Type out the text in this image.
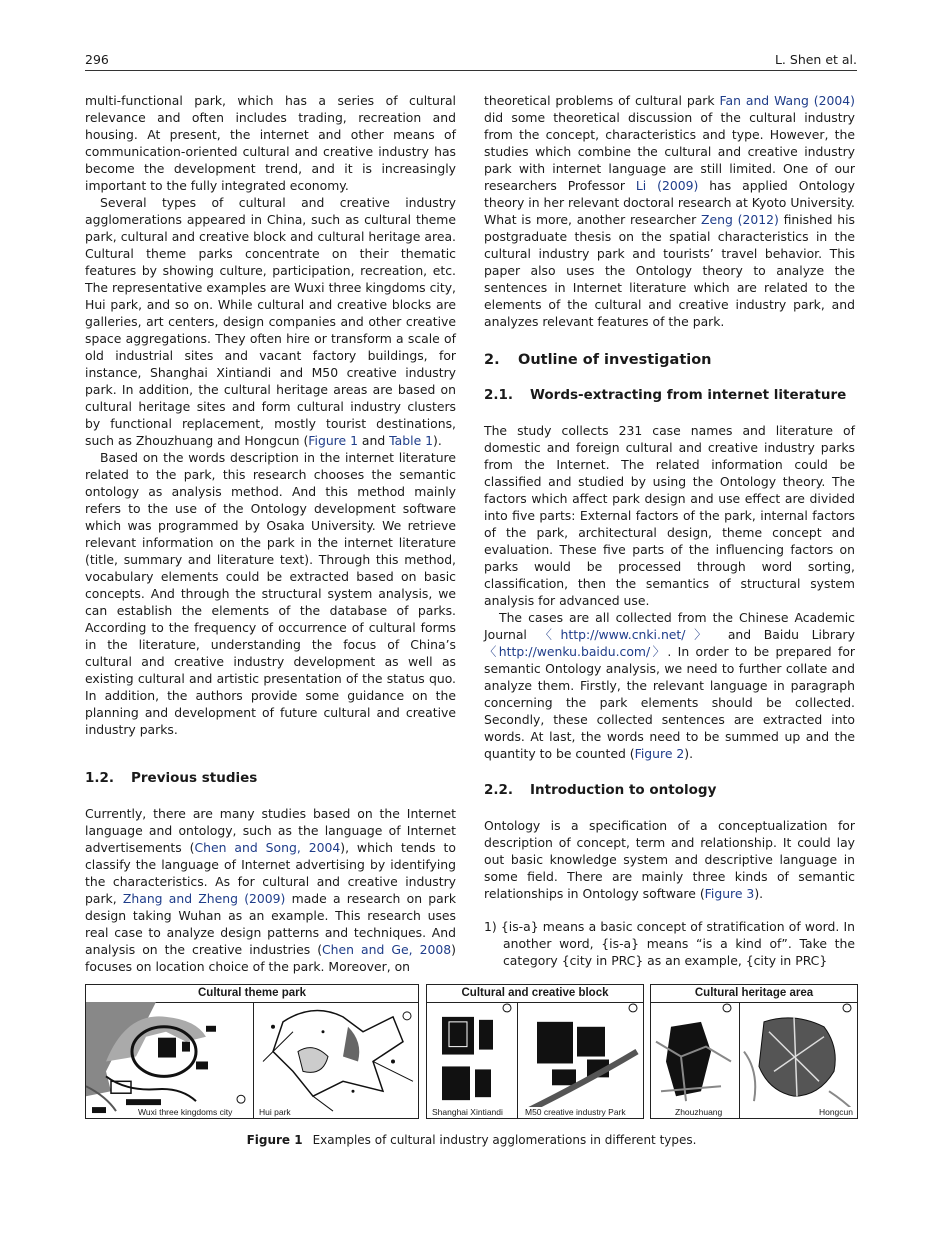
296	L. Shen et al.

multi-functional park, which has a series of cultural relevance and often includes trading, recreation and housing. At present, the internet and other means of communication-oriented cultural and creative industry has become the development trend, and it is increasingly important to the fully integrated economy.

Several types of cultural and creative industry agglomerations appeared in China, such as cultural theme park, cultural and creative block and cultural heritage area. Cultural theme parks concentrate on their thematic features by showing culture, participation, recreation, etc. The representative examples are Wuxi three kingdoms city, Hui park, and so on. While cultural and creative blocks are galleries, art centers, design companies and other creative space aggregations. They often hire or transform a scale of old industrial sites and vacant factory buildings, for instance, Shanghai Xintiandi and M50 creative industry park. In addition, the cultural heritage areas are based on cultural heritage sites and form cultural industry clusters by functional replacement, mostly tourist destinations, such as Zhouzhuang and Hongcun (Figure 1 and Table 1).

Based on the words description in the internet literature related to the park, this research chooses the semantic ontology as analysis method. And this method mainly refers to the use of the Ontology development software which was programmed by Osaka University. We retrieve relevant information on the park in the internet literature (title, summary and literature text). Through this method, vocabulary elements could be extracted based on basic concepts. And through the structural system analysis, we can establish the elements of the database of parks. According to the frequency of occurrence of cultural forms in the literature, understanding the focus of China’s cultural and creative industry development as well as existing cultural and artistic presentation of the status quo. In addition, the authors provide some guidance on the planning and development of future cultural and creative industry parks.

1.2. Previous studies

Currently, there are many studies based on the Internet language and ontology, such as the language of Internet advertisements (Chen and Song, 2004), which tends to classify the language of Internet advertising by identifying the characteristics. As for cultural and creative industry park, Zhang and Zheng (2009) made a research on park design taking Wuhan as an example. This research uses real case to analyze design patterns and techniques. And analysis on the creative industries (Chen and Ge, 2008) focuses on location choice of the park. Moreover, on

theoretical problems of cultural park Fan and Wang (2004) did some theoretical discussion of the cultural industry from the concept, characteristics and type. However, the studies which combine the cultural and creative industry park with internet language are still limited. One of our researchers Professor Li (2009) has applied Ontology theory in her relevant doctoral research at Kyoto University. What is more, another researcher Zeng (2012) finished his postgraduate thesis on the spatial characteristics in the cultural industry park and tourists’ travel behavior. This paper also uses the Ontology theory to analyze the sentences in Internet literature which are related to the elements of the cultural and creative industry park, and analyzes relevant features of the park.

2. Outline of investigation
2.1. Words-extracting from internet literature

The study collects 231 case names and literature of domestic and foreign cultural and creative industry parks from the Internet. The related information could be classified and studied by using the Ontology theory. The factors which affect park design and use effect are divided into five parts: External factors of the park, internal factors of the park, architectural design, theme concept and evaluation. These five parts of the influencing factors on parks would be processed through word sorting, classification, then the semantics of structural system analysis for advanced use.

The cases are all collected from the Chinese Academic Journal 〈http://www.cnki.net/〉 and Baidu Library 〈http://wenku.baidu.com/〉. In order to be prepared for semantic Ontology analysis, we need to further collate and analyze them. Firstly, the relevant language in paragraph concerning the park elements should be collected. Secondly, these collected sentences are extracted into words. At last, the words need to be summed up and the quantity to be counted (Figure 2).

2.2. Introduction to ontology

Ontology is a specification of a conceptualization for description of concept, term and relationship. It could lay out basic knowledge system and descriptive language in some field. There are mainly three kinds of semantic relationships in Ontology software (Figure 3).

1) {is-a} means a basic concept of stratification of word. In another word, {is-a} means “is a kind of”. Take the category {city in PRC} as an example, {city in PRC}
Cultural theme park
Wuxi three kingdoms city	Hui park
Cultural and creative block
Shanghai Xintiandi	M50 creative industry Park
Cultural heritage area
Zhouzhuang	Hongcun
Figure 1 Examples of cultural industry agglomerations in different types.
